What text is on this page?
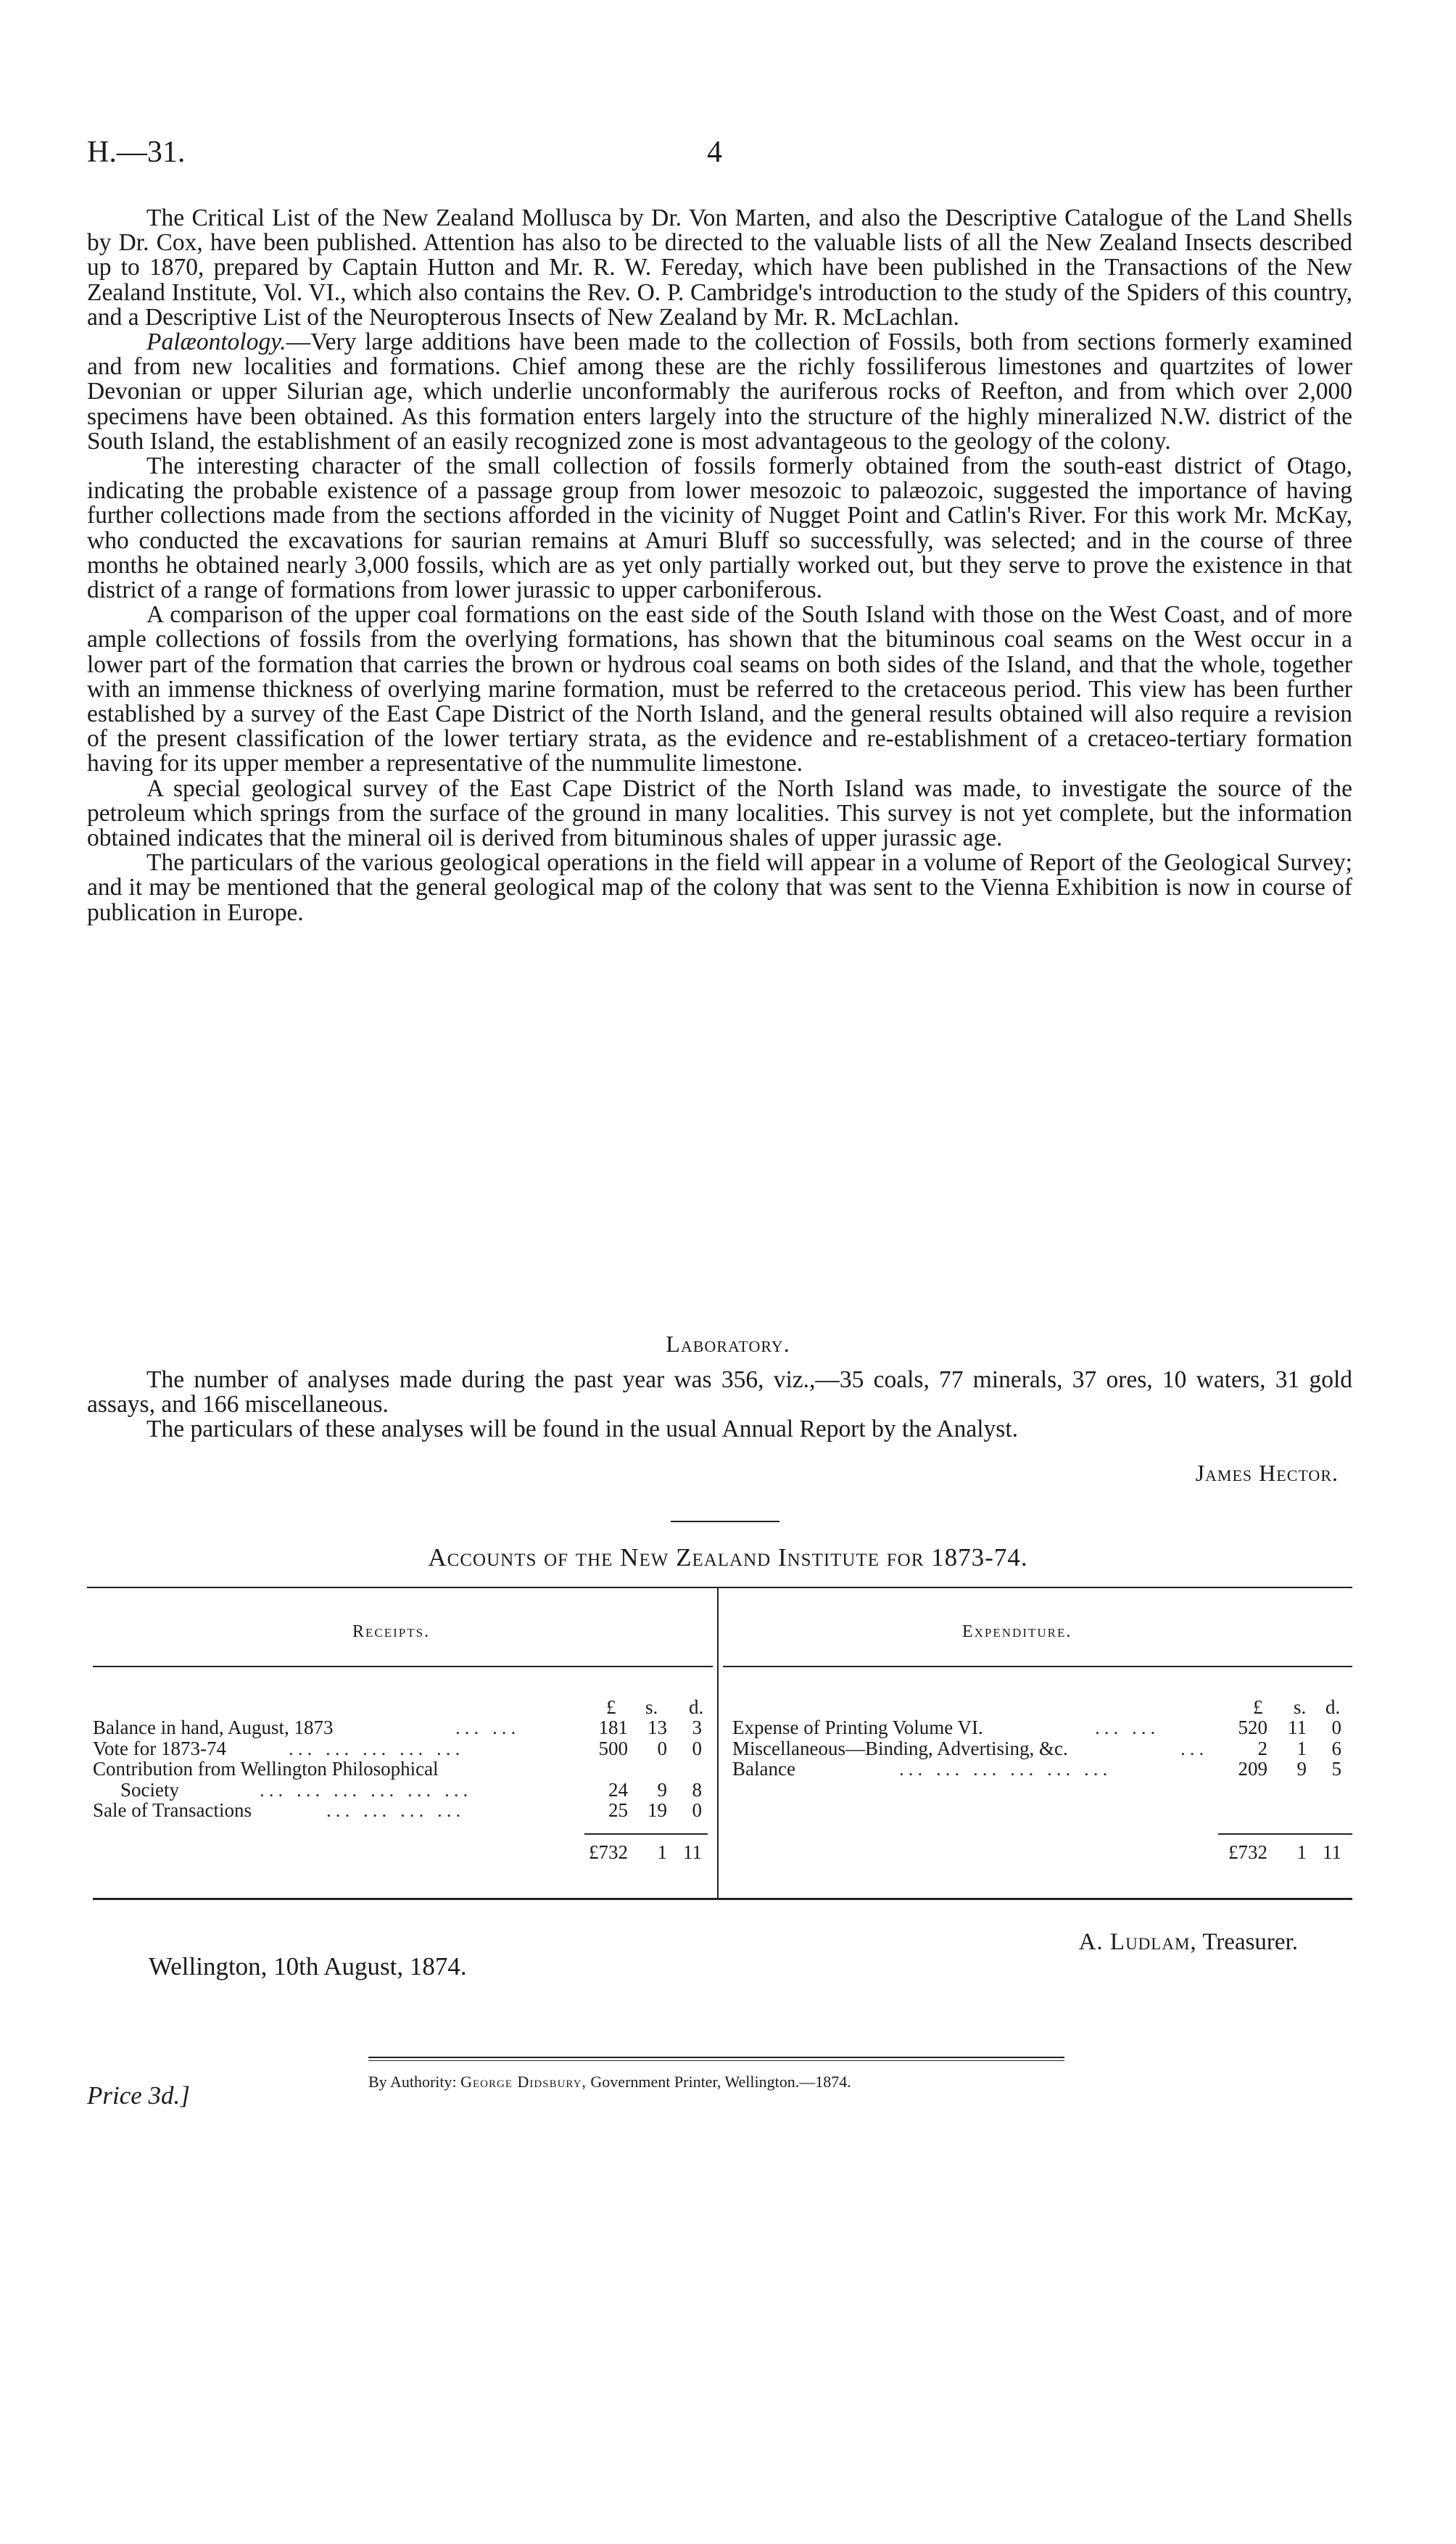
H.—31.	4

The Critical List of the New Zealand Mollusca by Dr. Von Marten, and also the Descriptive Catalogue of the Land Shells by Dr. Cox, have been published. Attention has also to be directed to the valuable lists of all the New Zealand Insects described up to 1870, prepared by Captain Hutton and Mr. R. W. Fereday, which have been published in the Transactions of the New Zealand Institute, Vol. VI., which also contains the Rev. O. P. Cambridge's introduction to the study of the Spiders of this country, and a Descriptive List of the Neuropterous Insects of New Zealand by Mr. R. McLachlan.

Palæontology.—Very large additions have been made to the collection of Fossils, both from sections formerly examined and from new localities and formations. Chief among these are the richly fossiliferous limestones and quartzites of lower Devonian or upper Silurian age, which underlie unconformably the auriferous rocks of Reefton, and from which over 2,000 specimens have been obtained. As this formation enters largely into the structure of the highly mineralized N.W. district of the South Island, the establishment of an easily recognized zone is most advantageous to the geology of the colony.

The interesting character of the small collection of fossils formerly obtained from the south-east district of Otago, indicating the probable existence of a passage group from lower mesozoic to palæozoic, suggested the importance of having further collections made from the sections afforded in the vicinity of Nugget Point and Catlin's River. For this work Mr. McKay, who conducted the excavations for saurian remains at Amuri Bluff so successfully, was selected; and in the course of three months he obtained nearly 3,000 fossils, which are as yet only partially worked out, but they serve to prove the existence in that district of a range of formations from lower jurassic to upper carboniferous.

A comparison of the upper coal formations on the east side of the South Island with those on the West Coast, and of more ample collections of fossils from the overlying formations, has shown that the bituminous coal seams on the West occur in a lower part of the formation that carries the brown or hydrous coal seams on both sides of the Island, and that the whole, together with an immense thickness of overlying marine formation, must be referred to the cretaceous period. This view has been further established by a survey of the East Cape District of the North Island, and the general results obtained will also require a revision of the present classification of the lower tertiary strata, as the evidence and re-establishment of a cretaceo-tertiary formation having for its upper member a representative of the nummulite limestone.

A special geological survey of the East Cape District of the North Island was made, to investigate the source of the petroleum which springs from the surface of the ground in many localities. This survey is not yet complete, but the information obtained indicates that the mineral oil is derived from bituminous shales of upper jurassic age.

The particulars of the various geological operations in the field will appear in a volume of Report of the Geological Survey; and it may be mentioned that the general geological map of the colony that was sent to the Vienna Exhibition is now in course of publication in Europe.

Laboratory.

The number of analyses made during the past year was 356, viz.,—35 coals, 77 minerals, 37 ores, 10 waters, 31 gold assays, and 166 miscellaneous.

The particulars of these analyses will be found in the usual Annual Report by the Analyst.

James Hector.
Accounts of the New Zealand Institute for 1873-74.
Receipts.	Expenditure.
£ s. d.
Balance in hand, August, 1873	... ...	181	13	3
Vote for 1873-74	... ... ... ... ...	500	0	0
Contribution from Wellington Philosophical
Society	... ... ... ... ... ...	24	9	8
Sale of Transactions	... ... ... ...	25	19	0
£732	1 11
£ s. d.
Expense of Printing Volume VI.	... ...	520	11	0
Miscellaneous—Binding, Advertising, &c.	...	2	1	6
Balance	... ... ... ... ... ...	209	9	5
£732	1 11
A. Ludlam, Treasurer.
Wellington, 10th August, 1874.
Price 3d.]	By Authority: George Didsbury, Government Printer, Wellington.—1874.
